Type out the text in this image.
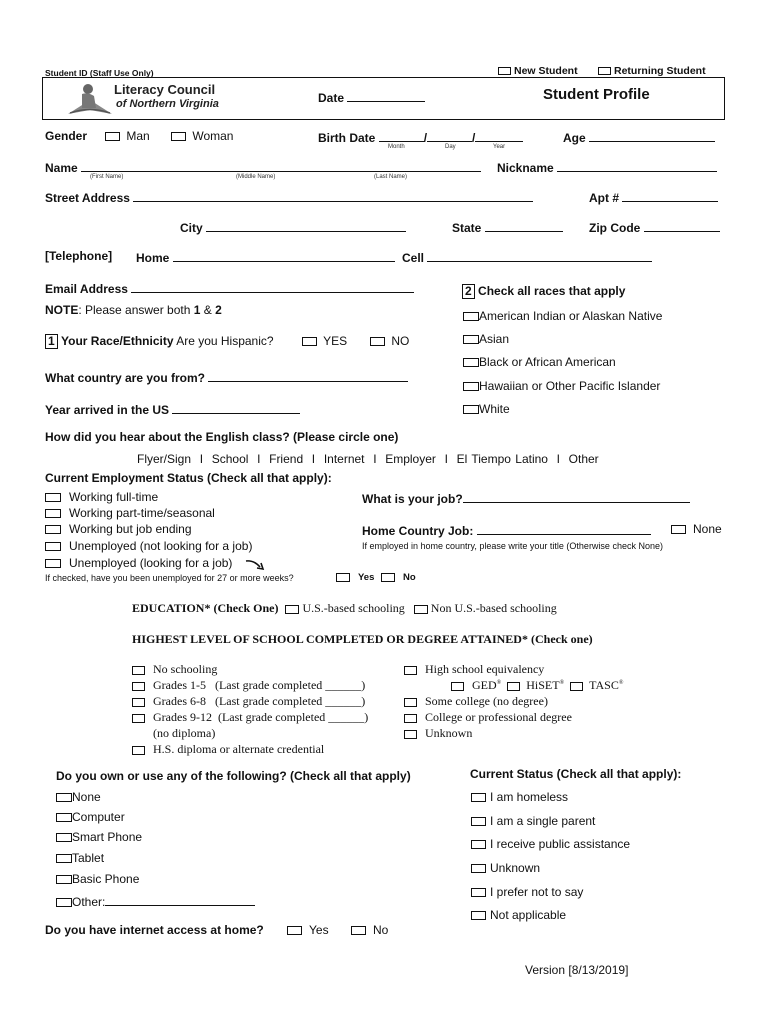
Student ID (Staff Use Only)	New Student	Returning Student
Literacy Council
of Northern Virginia	Date	Student Profile
Gender	Man	Woman	Birth Date	/	/
Month	Day	Year
Age
Name
(First Name)	(Middle Name)	(Last Name)
Nickname
Street Address	Apt #
City	State	Zip Code
[Telephone] Home	Cell
Email Address
NOTE: Please answer both 1 & 2
1 Your Race/Ethnicity Are you Hispanic?	YES	NO
What country are you from?
Year arrived in the US
2 Check all races that apply
American Indian or Alaskan Native
Asian
Black or African American
Hawaiian or Other Pacific Islander
White
How did you hear about the English class? (Please circle one)
Flyer/Sign I School I Friend I Internet I Employer I El Tiempo Latino I Other
Current Employment Status (Check all that apply):
Working full-time
Working part-time/seasonal
Working but job ending
Unemployed (not looking for a job)
Unemployed (looking for a job)
If checked, have you been unemployed for 27 or more weeks?	Yes	No
What is your job?
Home Country Job:	None
If employed in home country, please write your title (Otherwise check None)
EDUCATION* (Check One) U.S.-based schooling Non U.S.-based schooling
HIGHEST LEVEL OF SCHOOL COMPLETED OR DEGREE ATTAINED* (Check one)
No schooling
Grades 1-5   (Last grade completed ______)
Grades 6-8   (Last grade completed ______)
Grades 9-12  (Last grade completed ______)
(no diploma)
H.S. diploma or alternate credential
High school equivalency
GED® HiSET® TASC®
Some college (no degree)
College or professional degree
Unknown
Do you own or use any of the following? (Check all that apply)
None
Computer
Smart Phone
Tablet
Basic Phone
Other:
Current Status (Check all that apply):
I am homeless
I am a single parent
I receive public assistance
Unknown
I prefer not to say
Not applicable
Do you have internet access at home?	Yes	No
Version [8/13/2019]
